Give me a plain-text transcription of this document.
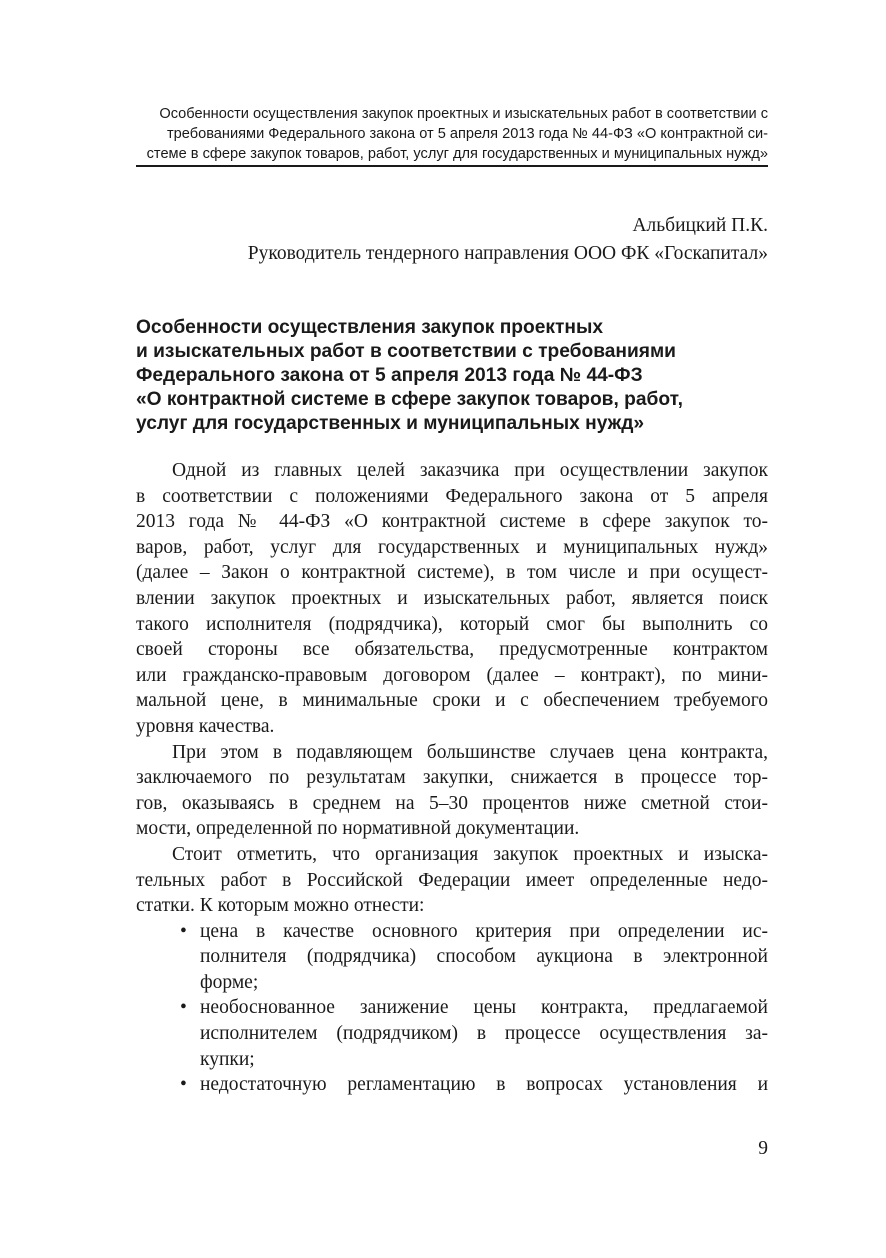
Особенности осуществления закупок проектных и изыскательных работ в соответствии с
требованиями Федерального закона от 5 апреля 2013 года № 44-ФЗ «О контрактной си-
стеме в сфере закупок товаров, работ, услуг для государственных и муниципальных нужд»
Альбицкий П.К.
Руководитель тендерного направления ООО ФК «Госкапитал»
Особенности осуществления закупок проектных
и изыскательных работ в соответствии с требованиями
Федерального закона от 5 апреля 2013 года № 44-ФЗ
«О контрактной системе в сфере закупок товаров, работ,
услуг для государственных и муниципальных нужд»
Одной из главных целей заказчика при осуществлении закупок
в соответствии с положениями Федерального закона от 5 апреля
2013 года № 44-ФЗ «О контрактной системе в сфере закупок то-
варов, работ, услуг для государственных и муниципальных нужд»
(далее – Закон о контрактной системе), в том числе и при осущест-
влении закупок проектных и изыскательных работ, является поиск
такого исполнителя (подрядчика), который смог бы выполнить со
своей стороны все обязательства, предусмотренные контрактом
или гражданско-правовым договором (далее – контракт), по мини-
мальной цене, в минимальные сроки и с обеспечением требуемого
уровня качества.
При этом в подавляющем большинстве случаев цена контракта,
заключаемого по результатам закупки, снижается в процессе тор-
гов, оказываясь в среднем на 5–30 процентов ниже сметной стои-
мости, определенной по нормативной документации.
Стоит отметить, что организация закупок проектных и изыска-
тельных работ в Российской Федерации имеет определенные недо-
статки. К которым можно отнести:
• цена в качестве основного критерия при определении ис-
полнителя (подрядчика) способом аукциона в электронной
форме;
• необоснованное занижение цены контракта, предлагаемой
исполнителем (подрядчиком) в процессе осуществления за-
купки;
• недостаточную регламентацию в вопросах установления и
9
